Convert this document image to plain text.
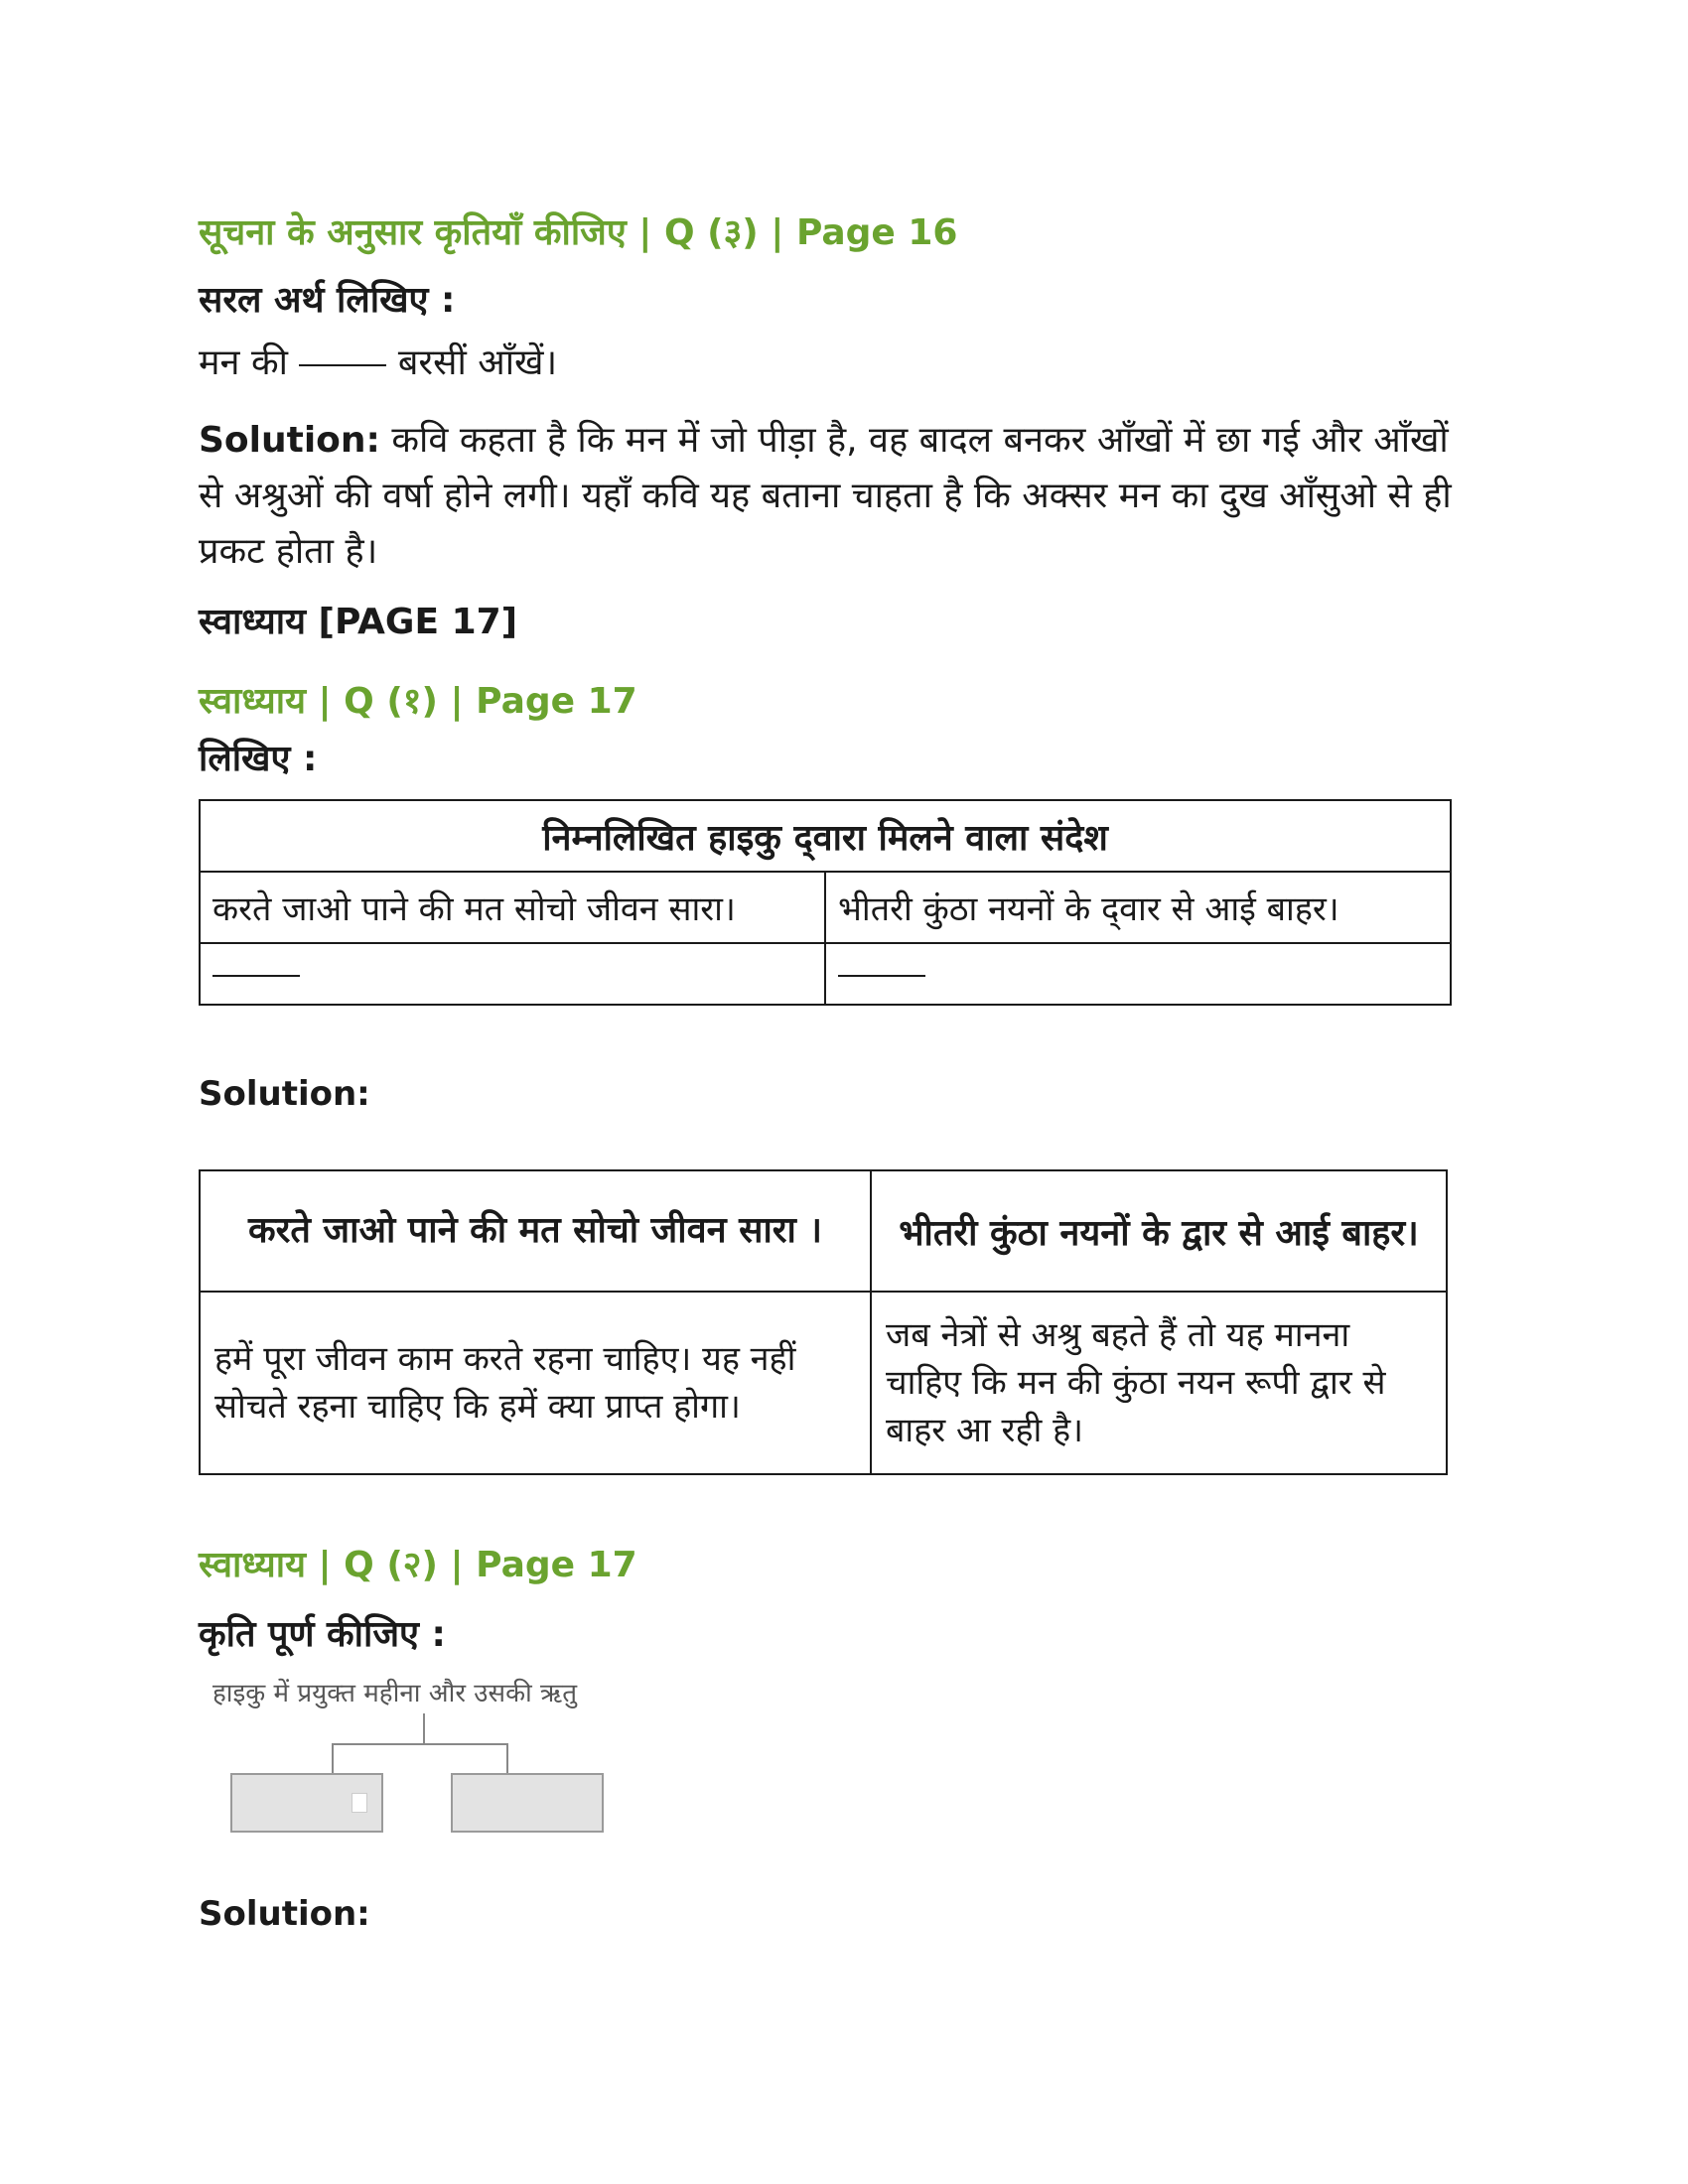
सूचना के अनुसार कृतियाँ कीजिए | Q (३) | Page 16
सरल अर्थ लिखिए :
मन की	बरसीं आँखें।
Solution: कवि कहता है कि मन में जो पीड़ा है, वह बादल बनकर आँखों में छा गई और आँखों से अश्रुओं की वर्षा होने लगी। यहाँ कवि यह बताना चाहता है कि अक्सर मन का दुख आँसुओ से ही प्रकट होता है।
स्वाध्याय [PAGE 17]
स्वाध्याय | Q (१) | Page 17
लिखिए :
निम्नलिखित हाइकु द्‌वारा मिलने वाला संदेश	
करते जाओ पाने की मत सोचो जीवन सारा।	भीतरी कुंठा नयनों के द्‌वार से आई बाहर।

Solution:
करते जाओ पाने की मत सोचो जीवन सारा ।	भीतरी कुंठा नयनों के द्वार से आई बाहर।
हमें पूरा जीवन काम करते रहना चाहिए। यह नहीं सोचते रहना चाहिए कि हमें क्या प्राप्त होगा।	जब नेत्रों से अश्रु बहते हैं तो यह मानना चाहिए कि मन की कुंठा नयन रूपी द्वार से बाहर आ रही है।
स्वाध्याय | Q (२) | Page 17
कृति पूर्ण कीजिए :
हाइकु में प्रयुक्त महीना और उसकी ऋतु
Solution:
